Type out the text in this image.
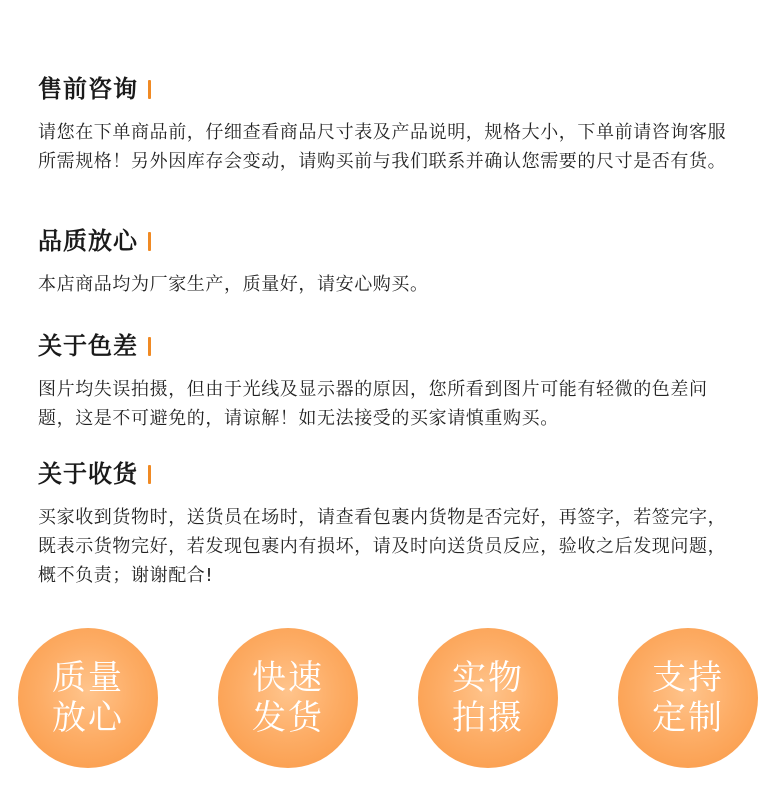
售前咨询
请您在下单商品前，仔细查看商品尺寸表及产品说明，规格大小，下单前请咨询客服所需规格！另外因库存会变动，请购买前与我们联系并确认您需要的尺寸是否有货。
品质放心
本店商品均为厂家生产，质量好，请安心购买。
关于色差
图片均失误拍摄，但由于光线及显示器的原因，您所看到图片可能有轻微的色差问题，这是不可避免的，请谅解！如无法接受的买家请慎重购买。
关于收货
买家收到货物时，送货员在场时，请查看包裹内货物是否完好，再签字，若签完字，既表示货物完好，若发现包裹内有损坏，请及时向送货员反应，验收之后发现问题，概不负责；谢谢配合!
质量
放心
快速
发货
实物
拍摄
支持
定制
